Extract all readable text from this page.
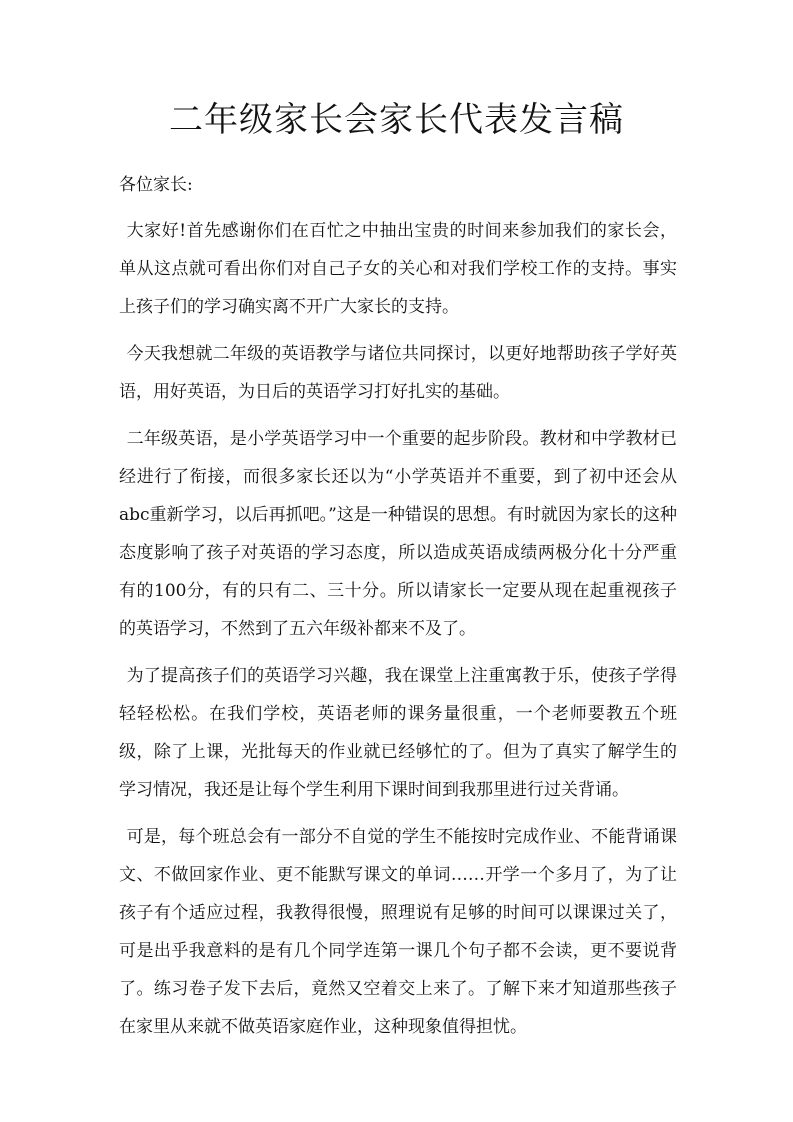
二年级家长会家长代表发言稿

各位家长:

大家好!首先感谢你们在百忙之中抽出宝贵的时间来参加我们的家长会，单从这点就可看出你们对自己子女的关心和对我们学校工作的支持。事实上孩子们的学习确实离不开广大家长的支持。

今天我想就二年级的英语教学与诸位共同探讨，以更好地帮助孩子学好英语，用好英语，为日后的英语学习打好扎实的基础。

二年级英语，是小学英语学习中一个重要的起步阶段。教材和中学教材已经进行了衔接，而很多家长还以为“小学英语并不重要，到了初中还会从abc重新学习，以后再抓吧。”这是一种错误的思想。有时就因为家长的这种态度影响了孩子对英语的学习态度，所以造成英语成绩两极分化十分严重有的100分，有的只有二、三十分。所以请家长一定要从现在起重视孩子的英语学习，不然到了五六年级补都来不及了。

为了提高孩子们的英语学习兴趣，我在课堂上注重寓教于乐，使孩子学得轻轻松松。在我们学校，英语老师的课务量很重，一个老师要教五个班级，除了上课，光批每天的作业就已经够忙的了。但为了真实了解学生的学习情况，我还是让每个学生利用下课时间到我那里进行过关背诵。

可是，每个班总会有一部分不自觉的学生不能按时完成作业、不能背诵课文、不做回家作业、更不能默写课文的单词……开学一个多月了，为了让孩子有个适应过程，我教得很慢，照理说有足够的时间可以课课过关了，可是出乎我意料的是有几个同学连第一课几个句子都不会读，更不要说背了。练习卷子发下去后，竟然又空着交上来了。了解下来才知道那些孩子在家里从来就不做英语家庭作业，这种现象值得担忧。
